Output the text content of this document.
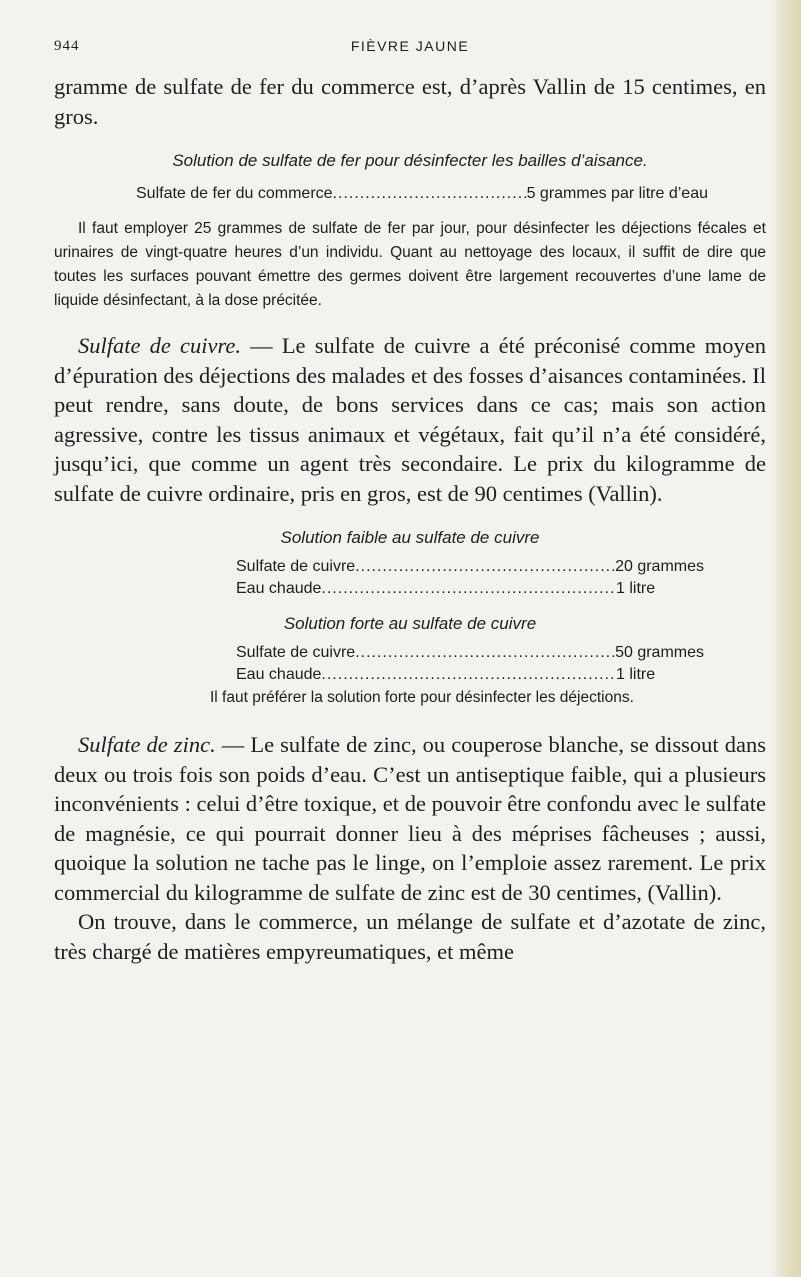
944	FIÈVRE JAUNE

gramme de sulfate de fer du commerce est, d’après Vallin de 15 centimes, en gros.

Solution de sulfate de fer pour désinfecter les bailles d’aisance.

Sulfate de fer du commerce .....	5 grammes par litre d’eau

Il faut employer 25 grammes de sulfate de fer par jour, pour désinfecter les déjections fécales et urinaires de vingt-quatre heures d’un individu. Quant au nettoyage des locaux, il suffit de dire que toutes les surfaces pouvant émettre des germes doivent être largement recouvertes d’une lame de liquide désinfectant, à la dose précitée.

Sulfate de cuivre. — Le sulfate de cuivre a été préconisé comme moyen d’épuration des déjections des malades et des fosses d’aisances contaminées. Il peut rendre, sans doute, de bons services dans ce cas; mais son action agressive, contre les tissus animaux et végétaux, fait qu’il n’a été considéré, jusqu’ici, que comme un agent très secondaire. Le prix du kilogramme de sulfate de cuivre ordinaire, pris en gros, est de 90 centimes (Vallin).

Solution faible au sulfate de cuivre

Sulfate de cuivre .....	20 grammes
Eau chaude .....	1 litre

Solution forte au sulfate de cuivre

Sulfate de cuivre .....	50 grammes
Eau chaude .....	1 litre

Il faut préférer la solution forte pour désinfecter les déjections.

Sulfate de zinc. — Le sulfate de zinc, ou couperose blanche, se dissout dans deux ou trois fois son poids d’eau. C’est un antiseptique faible, qui a plusieurs inconvénients : celui d’être toxique, et de pouvoir être confondu avec le sulfate de magnésie, ce qui pourrait donner lieu à des méprises fâcheuses ; aussi, quoique la solution ne tache pas le linge, on l’emploie assez rarement. Le prix commercial du kilogramme de sulfate de zinc est de 30 centimes, (Vallin).

On trouve, dans le commerce, un mélange de sulfate et d’azotate de zinc, très chargé de matières empyreumatiques, et même
